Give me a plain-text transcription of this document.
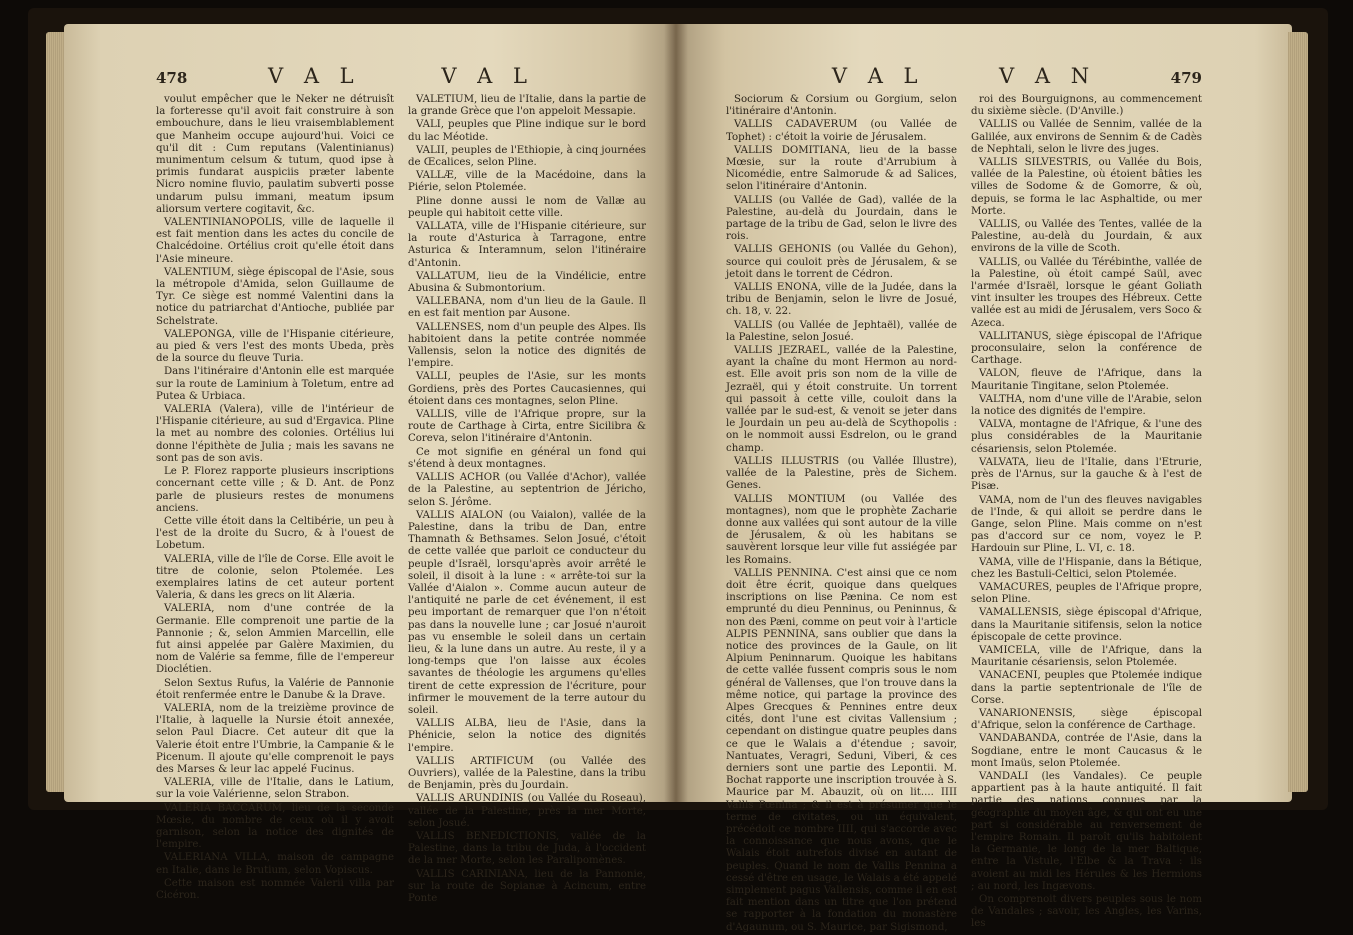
478	V A L	V A L

voulut empêcher que le Neker ne détruisît la forteresse qu'il avoit fait construire à son embouchure, dans le lieu vraisemblablement que Manheim occupe aujourd'hui. Voici ce qu'il dit : Cum reputans (Valentinianus) munimentum celsum & tutum, quod ipse à primis fundarat auspiciis præter labente Nicro nomine fluvio, paulatim subverti posse undarum pulsu immani, meatum ipsum aliorsum vertere cogitavit, &c.

VALENTINIANOPOLIS, ville de laquelle il est fait mention dans les actes du concile de Chalcédoine. Ortélius croit qu'elle étoit dans l'Asie mineure.

VALENTIUM, siège épiscopal de l'Asie, sous la métropole d'Amida, selon Guillaume de Tyr. Ce siège est nommé Valentini dans la notice du patriarchat d'Antioche, publiée par Schelstrate.

VALEPONGA, ville de l'Hispanie citérieure, au pied & vers l'est des monts Ubeda, près de la source du fleuve Turia.

Dans l'itinéraire d'Antonin elle est marquée sur la route de Laminium à Toletum, entre ad Putea & Urbiaca.

VALERIA (Valera), ville de l'intérieur de l'Hispanie citérieure, au sud d'Ergavica. Pline la met au nombre des colonies. Ortélius lui donne l'épithète de Julia ; mais les savans ne sont pas de son avis.

Le P. Florez rapporte plusieurs inscriptions concernant cette ville ; & D. Ant. de Ponz parle de plusieurs restes de monumens anciens.

Cette ville étoit dans la Celtibérie, un peu à l'est de la droite du Sucro, & à l'ouest de Lobetum.

VALERIA, ville de l'île de Corse. Elle avoit le titre de colonie, selon Ptolemée. Les exemplaires latins de cet auteur portent Valeria, & dans les grecs on lit Alæria.

VALERIA, nom d'une contrée de la Germanie. Elle comprenoit une partie de la Pannonie ; &, selon Ammien Marcellin, elle fut ainsi appelée par Galère Maximien, du nom de Valérie sa femme, fille de l'empereur Dioclétien.

Selon Sextus Rufus, la Valérie de Pannonie étoit renfermée entre le Danube & la Drave.

VALERIA, nom de la treizième province de l'Italie, à laquelle la Nursie étoit annexée, selon Paul Diacre. Cet auteur dit que la Valerie étoit entre l'Umbrie, la Campanie & le Picenum. Il ajoute qu'elle comprenoit le pays des Marses & leur lac appelé Fucinus.

VALERIA, ville de l'Italie, dans le Latium, sur la voie Valérienne, selon Strabon.

VALERIA BACCARUM, lieu de la seconde Mœsie, du nombre de ceux où il y avoit garnison, selon la notice des dignités de l'empire.

VALERIANA VILLA, maison de campagne en Italie, dans le Brutium, selon Vopiscus.

Cette maison est nommée Valerii villa par Cicéron.

VALETIUM, lieu de l'Italie, dans la partie de la grande Grèce que l'on appeloit Messapie.

VALI, peuples que Pline indique sur le bord du lac Méotide.

VALII, peuples de l'Ethiopie, à cinq journées de Œcalices, selon Pline.

VALLÆ, ville de la Macédoine, dans la Piérie, selon Ptolemée.

Pline donne aussi le nom de Vallæ au peuple qui habitoit cette ville.

VALLATA, ville de l'Hispanie citérieure, sur la route d'Asturica à Tarragone, entre Asturica & Interamnum, selon l'itinéraire d'Antonin.

VALLATUM, lieu de la Vindélicie, entre Abusina & Submontorium.

VALLEBANA, nom d'un lieu de la Gaule. Il en est fait mention par Ausone.

VALLENSES, nom d'un peuple des Alpes. Ils habitoient dans la petite contrée nommée Vallensis, selon la notice des dignités de l'empire.

VALLI, peuples de l'Asie, sur les monts Gordiens, près des Portes Caucasiennes, qui étoient dans ces montagnes, selon Pline.

VALLIS, ville de l'Afrique propre, sur la route de Carthage à Cirta, entre Sicilibra & Coreva, selon l'itinéraire d'Antonin.

Ce mot signifie en général un fond qui s'étend à deux montagnes.

VALLIS ACHOR (ou Vallée d'Achor), vallée de la Palestine, au septentrion de Jéricho, selon S. Jérôme.

VALLIS AIALON (ou Vaialon), vallée de la Palestine, dans la tribu de Dan, entre Thamnath & Bethsames. Selon Josué, c'étoit de cette vallée que parloit ce conducteur du peuple d'Israël, lorsqu'après avoir arrêté le soleil, il disoit à la lune : « arrête-toi sur la Vallée d'Aialon ». Comme aucun auteur de l'antiquité ne parle de cet événement, il est peu important de remarquer que l'on n'étoit pas dans la nouvelle lune ; car Josué n'auroit pas vu ensemble le soleil dans un certain lieu, & la lune dans un autre. Au reste, il y a long-temps que l'on laisse aux écoles savantes de théologie les argumens qu'elles tirent de cette expression de l'écriture, pour infirmer le mouvement de la terre autour du soleil.

VALLIS ALBA, lieu de l'Asie, dans la Phénicie, selon la notice des dignités l'empire.

VALLIS ARTIFICUM (ou Vallée des Ouvriers), vallée de la Palestine, dans la tribu de Benjamin, près du Jourdain.

VALLIS ARUNDINIS (ou Vallée du Roseau), vallée de la Palestine, près la mer Morte, selon Josué.

VALLIS BENEDICTIONIS, vallée de la Palestine, dans la tribu de Juda, à l'occident de la mer Morte, selon les Paralipomènes.

VALLIS CARINIANA, lieu de la Pannonie, sur la route de Sopianæ à Acincum, entre Ponte

V A L	V A N	479

Sociorum & Corsium ou Gorgium, selon l'itinéraire d'Antonin.

VALLIS CADAVERUM (ou Vallée de Tophet) : c'étoit la voirie de Jérusalem.

VALLIS DOMITIANA, lieu de la basse Mœsie, sur la route d'Arrubium à Nicomédie, entre Salmorude & ad Salices, selon l'itinéraire d'Antonin.

VALLIS (ou Vallée de Gad), vallée de la Palestine, au-delà du Jourdain, dans le partage de la tribu de Gad, selon le livre des rois.

VALLIS GEHONIS (ou Vallée du Gehon), source qui couloit près de Jérusalem, & se jetoit dans le torrent de Cédron.

VALLIS ENONA, ville de la Judée, dans la tribu de Benjamin, selon le livre de Josué, ch. 18, v. 22.

VALLIS (ou Vallée de Jephtaël), vallée de la Palestine, selon Josué.

VALLIS JEZRAEL, vallée de la Palestine, ayant la chaîne du mont Hermon au nord-est. Elle avoit pris son nom de la ville de Jezraël, qui y étoit construite. Un torrent qui passoit à cette ville, couloit dans la vallée par le sud-est, & venoit se jeter dans le Jourdain un peu au-delà de Scythopolis : on le nommoit aussi Esdrelon, ou le grand champ.

VALLIS ILLUSTRIS (ou Vallée Illustre), vallée de la Palestine, près de Sichem. Genes.

VALLIS MONTIUM (ou Vallée des montagnes), nom que le prophète Zacharie donne aux vallées qui sont autour de la ville de Jérusalem, & où les habitans se sauvèrent lorsque leur ville fut assiégée par les Romains.

VALLIS PENNINA. C'est ainsi que ce nom doit être écrit, quoique dans quelques inscriptions on lise Pænina. Ce nom est emprunté du dieu Penninus, ou Peninnus, & non des Pæni, comme on peut voir à l'article ALPIS PENNINA, sans oublier que dans la notice des provinces de la Gaule, on lit Alpium Peninnarum. Quoique les habitans de cette vallée fussent compris sous le nom général de Vallenses, que l'on trouve dans la même notice, qui partage la province des Alpes Grecques & Pennines entre deux cités, dont l'une est civitas Vallensium ; cependant on distingue quatre peuples dans ce que le Walais a d'étendue ; savoir, Nantuates, Veragri, Seduni, Viberi, & ces derniers sont une partie des Lepontii. M. Bochat rapporte une inscription trouvée à S. Maurice par M. Abauzit, où on lit.... IIII Vallis Pœnina ; & il est à présumer que le terme de civitates, ou un équivalent, précédoit ce nombre IIII, qui s'accorde avec la connoissance que nous avons, que le Walais étoit autrefois divisé en autant de peuples. Quand le nom de Vallis Pennina a cessé d'être en usage, le Walais a été appelé simplement pagus Vallensis, comme il en est fait mention dans un titre que l'on prétend se rapporter à la fondation du monastère d'Agaunum, ou S. Maurice, par Sigismond,

roi des Bourguignons, au commencement du sixième siècle. (D'Anville.)

VALLIS ou Vallée de Sennim, vallée de la Galilée, aux environs de Sennim & de Cadès de Nephtali, selon le livre des juges.

VALLIS SILVESTRIS, ou Vallée du Bois, vallée de la Palestine, où étoient bâties les villes de Sodome & de Gomorre, & où, depuis, se forma le lac Asphaltide, ou mer Morte.

VALLIS, ou Vallée des Tentes, vallée de la Palestine, au-delà du Jourdain, & aux environs de la ville de Scoth.

VALLIS, ou Vallée du Térébinthe, vallée de la Palestine, où étoit campé Saül, avec l'armée d'Israël, lorsque le géant Goliath vint insulter les troupes des Hébreux. Cette vallée est au midi de Jérusalem, vers Soco & Azeca.

VALLITANUS, siège épiscopal de l'Afrique proconsulaire, selon la conférence de Carthage.

VALON, fleuve de l'Afrique, dans la Mauritanie Tingitane, selon Ptolemée.

VALTHA, nom d'une ville de l'Arabie, selon la notice des dignités de l'empire.

VALVA, montagne de l'Afrique, & l'une des plus considérables de la Mauritanie césariensis, selon Ptolemée.

VALVATA, lieu de l'Italie, dans l'Etrurie, près de l'Arnus, sur la gauche & à l'est de Pisæ.

VAMA, nom de l'un des fleuves navigables de l'Inde, & qui alloit se perdre dans le Gange, selon Pline. Mais comme on n'est pas d'accord sur ce nom, voyez le P. Hardouin sur Pline, L. VI, c. 18.

VAMA, ville de l'Hispanie, dans la Bétique, chez les Bastuli-Celtici, selon Ptolemée.

VAMACURES, peuples de l'Afrique propre, selon Pline.

VAMALLENSIS, siège épiscopal d'Afrique, dans la Mauritanie sitifensis, selon la notice épiscopale de cette province.

VAMICELA, ville de l'Afrique, dans la Mauritanie césariensis, selon Ptolemée.

VANACENI, peuples que Ptolemée indique dans la partie septentrionale de l'île de Corse.

VANARIONENSIS, siège épiscopal d'Afrique, selon la conférence de Carthage.

VANDABANDA, contrée de l'Asie, dans la Sogdiane, entre le mont Caucasus & le mont Imaüs, selon Ptolemée.

VANDALI (les Vandales). Ce peuple appartient pas à la haute antiquité. Il fait partie des nations connues par la géographie du moyen âge, & qui ont eu une part si considérable au renversement de l'empire Romain. Il paroît qu'ils habitoient la Germanie, le long de la mer Baltique, entre la Vistule, l'Elbe & la Trava : ils avoient au midi les Hérules & les Hermions ; au nord, les Ingævons.

On comprenoit divers peuples sous le nom de Vandales ; savoir, les Angles, les Varins, les
